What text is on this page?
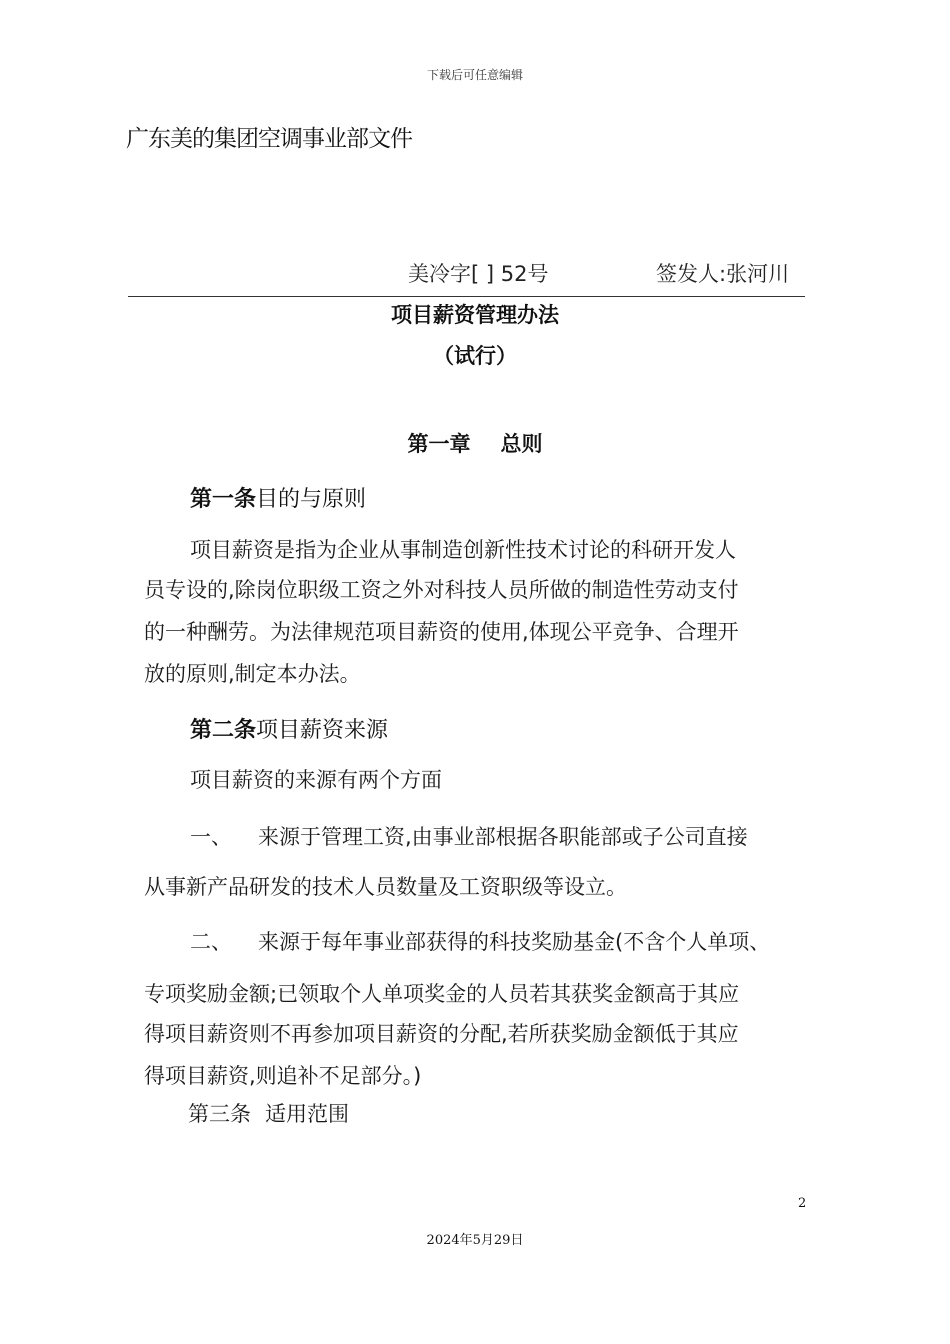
下载后可任意编辑
广东美的集团空调事业部文件
美冷字[ ] 52号	签发人:张河川
项目薪资管理办法
（试行）
第一章 总则
第一条目的与原则
项目薪资是指为企业从事制造创新性技术讨论的科研开发人
员专设的,除岗位职级工资之外对科技人员所做的制造性劳动支付
的一种酬劳。为法律规范项目薪资的使用,体现公平竞争、合理开
放的原则,制定本办法。
第二条项目薪资来源
项目薪资的来源有两个方面
一、 来源于管理工资,由事业部根据各职能部或子公司直接
从事新产品研发的技术人员数量及工资职级等设立。
二、 来源于每年事业部获得的科技奖励基金(不含个人单项、
专项奖励金额;已领取个人单项奖金的人员若其获奖金额高于其应
得项目薪资则不再参加项目薪资的分配,若所获奖励金额低于其应
得项目薪资,则追补不足部分。)
第三条 适用范围
2
2024年5月29日
